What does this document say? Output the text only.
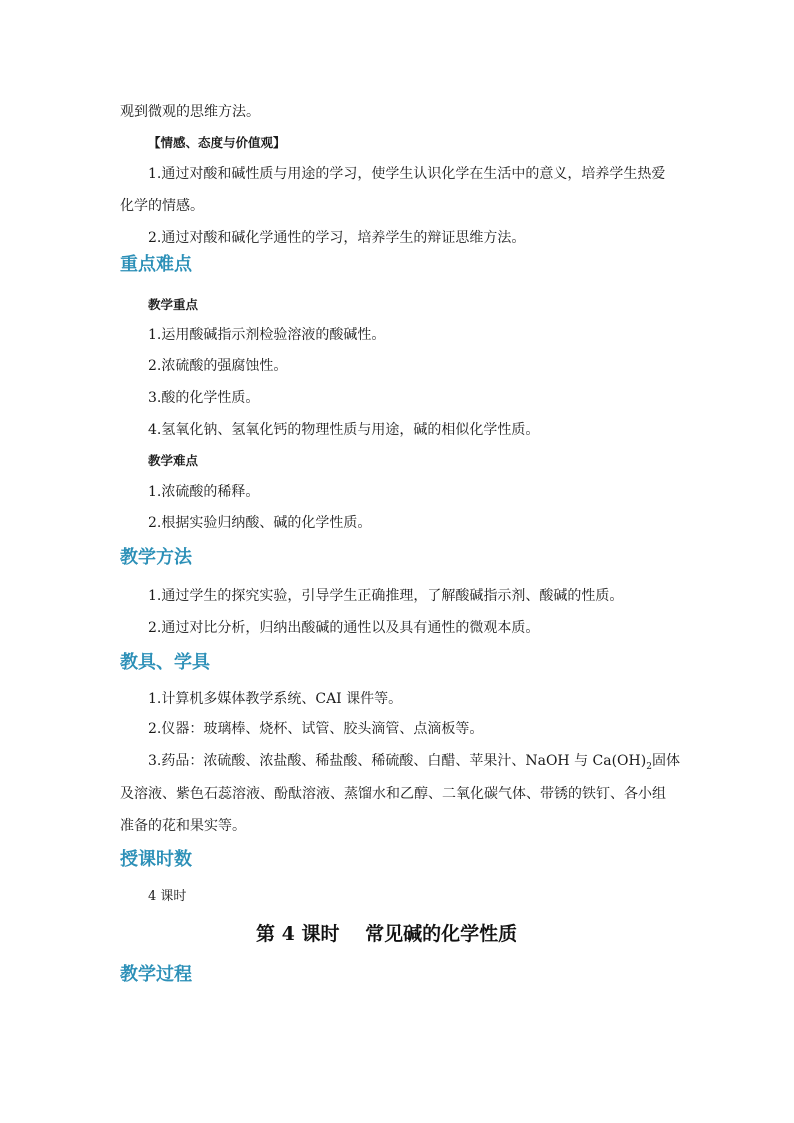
观到微观的思维方法。
【情感、态度与价值观】
1.通过对酸和碱性质与用途的学习，使学生认识化学在生活中的意义，培养学生热爱
化学的情感。
2.通过对酸和碱化学通性的学习，培养学生的辩证思维方法。
重点难点
教学重点
1.运用酸碱指示剂检验溶液的酸碱性。
2.浓硫酸的强腐蚀性。
3.酸的化学性质。
4.氢氧化钠、氢氧化钙的物理性质与用途，碱的相似化学性质。
教学难点
1.浓硫酸的稀释。
2.根据实验归纳酸、碱的化学性质。
教学方法
1.通过学生的探究实验，引导学生正确推理，了解酸碱指示剂、酸碱的性质。
2.通过对比分析，归纳出酸碱的通性以及具有通性的微观本质。
教具、学具
1.计算机多媒体教学系统、CAI 课件等。
2.仪器：玻璃棒、烧杯、试管、胶头滴管、点滴板等。
3.药品：浓硫酸、浓盐酸、稀盐酸、稀硫酸、白醋、苹果汁、NaOH 与 $Ca(OH)_2$固体
及溶液、紫色石蕊溶液、酚酞溶液、蒸馏水和乙醇、二氧化碳气体、带锈的铁钉、各小组
准备的花和果实等。
授课时数
4 课时
第 4 课时　 常见碱的化学性质
教学过程
